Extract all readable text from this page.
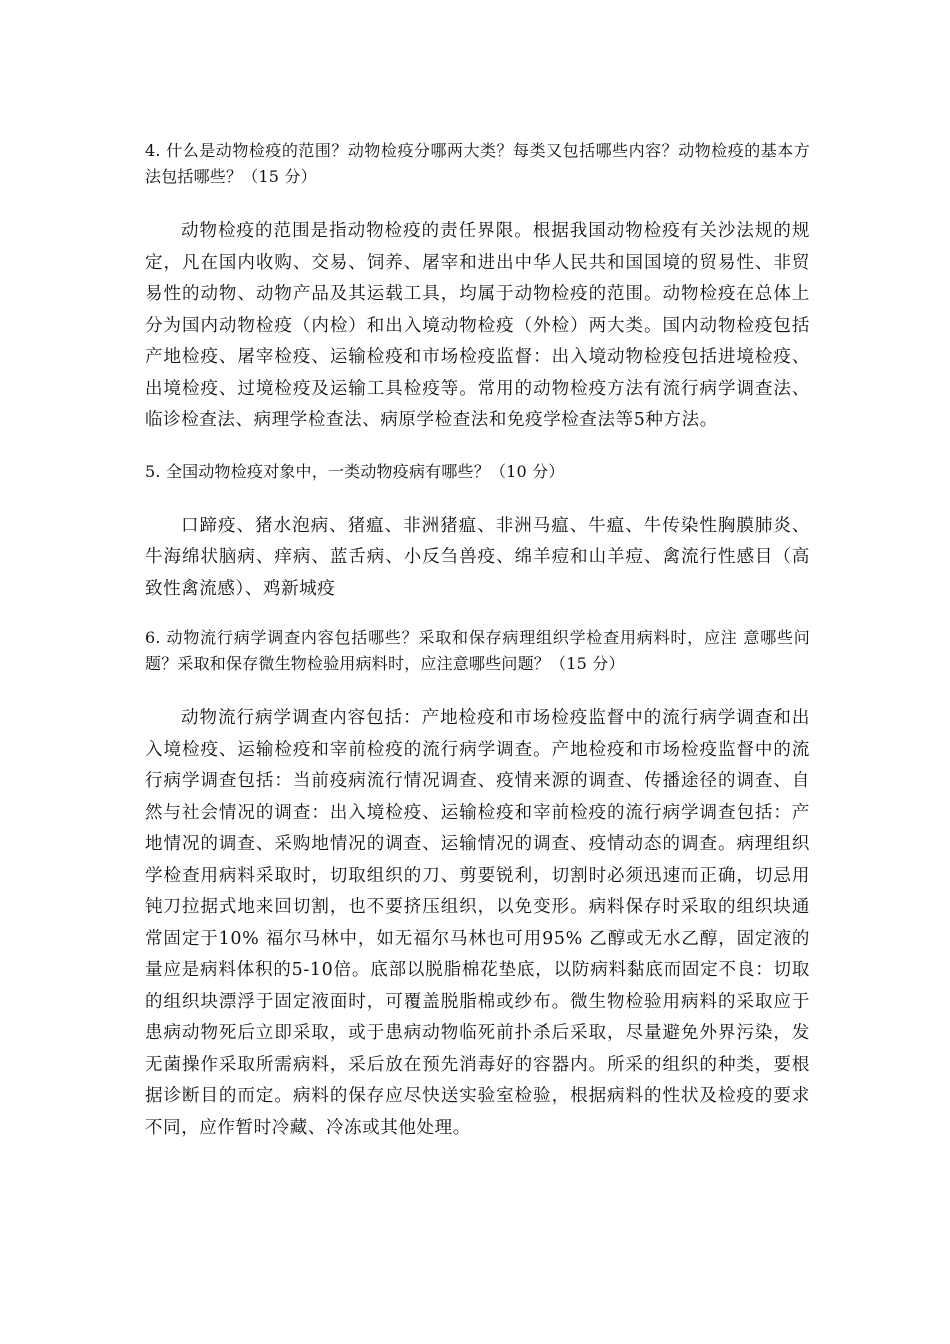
4. 什么是动物检疫的范围？动物检疫分哪两大类？每类又包括哪些内容？动物检疫的基本方法包括哪些？（15 分）

动物检疫的范围是指动物检疫的责任界限。根据我国动物检疫有关沙法规的规定，凡在国内收购、交易、饲养、屠宰和进出中华人民共和国国境的贸易性、非贸易性的动物、动物产品及其运载工具，均属于动物检疫的范围。动物检疫在总体上分为国内动物检疫（内检）和出入境动物检疫（外检）两大类。国内动物检疫包括产地检疫、屠宰检疫、运输检疫和市场检疫监督：出入境动物检疫包括进境检疫、出境检疫、过境检疫及运输工具检疫等。常用的动物检疫方法有流行病学调查法、临诊检查法、病理学检查法、病原学检查法和免疫学检查法等5种方法。

5. 全国动物检疫对象中，一类动物疫病有哪些？（10 分）

口蹄疫、猪水泡病、猪瘟、非洲猪瘟、非洲马瘟、牛瘟、牛传染性胸膜肺炎、牛海绵状脑病、痒病、蓝舌病、小反刍兽疫、绵羊痘和山羊痘、禽流行性感目（高致性禽流感）、鸡新城疫

6. 动物流行病学调查内容包括哪些？采取和保存病理组织学检查用病料时，应注 意哪些问题？采取和保存微生物检验用病料时，应注意哪些问题？（15 分）

动物流行病学调查内容包括：产地检疫和市场检疫监督中的流行病学调查和出入境检疫、运输检疫和宰前检疫的流行病学调查。产地检疫和市场检疫监督中的流行病学调查包括：当前疫病流行情况调查、疫情来源的调查、传播途径的调查、自然与社会情况的调查：出入境检疫、运输检疫和宰前检疫的流行病学调查包括：产地情况的调查、采购地情况的调查、运输情况的调查、疫情动态的调查。病理组织学检查用病料采取时，切取组织的刀、剪要锐利，切割时必须迅速而正确，切忌用钝刀拉据式地来回切割，也不要挤压组织，以免变形。病料保存时采取的组织块通常固定于10% 福尔马林中，如无福尔马林也可用95% 乙醇或无水乙醇，固定液的量应是病料体积的5-10倍。底部以脱脂棉花垫底，以防病料黏底而固定不良：切取的组织块漂浮于固定液面时，可覆盖脱脂棉或纱布。微生物检验用病料的采取应于患病动物死后立即采取，或于患病动物临死前扑杀后采取，尽量避免外界污染，发无菌操作采取所需病料，采后放在预先消毒好的容器内。所采的组织的种类，要根据诊断目的而定。病料的保存应尽快送实验室检验，根据病料的性状及检疫的要求不同，应作暂时冷藏、冷冻或其他处理。
